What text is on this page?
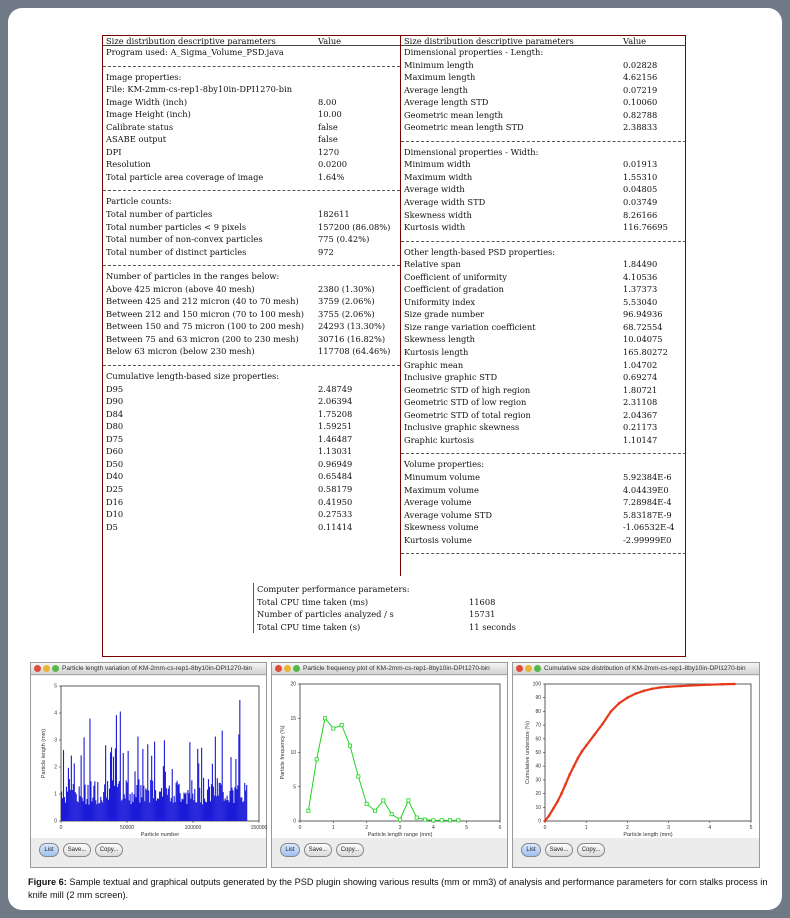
Size distribution descriptive parameters	Value
Program used: A_Sigma_Volume_PSD.java
Image properties:
File: KM-2mm-cs-rep1-8by10in-DPI1270-bin
Image Width (inch)	8.00
Image Height (inch)	10.00
Calibrate status	false
ASABE output	false
DPI	1270
Resolution	0.0200
Total particle area coverage of image	1.64%
Particle counts:
Total number of particles	182611
Total number particles < 9 pixels	157200 (86.08%)
Total number of non-convex particles	775 (0.42%)
Total number of distinct particles	972
Number of particles in the ranges below:
Above 425 micron (above 40 mesh)	2380 (1.30%)
Between 425 and 212 micron (40 to 70 mesh) 3759 (2.06%)
Between 212 and 150 micron (70 to 100 mesh) 3755 (2.06%)
Between 150 and 75 micron (100 to 200 mesh) 24293 (13.30%)
Between 75 and 63 micron (200 to 230 mesh) 30716 (16.82%)
Below 63 micron (below 230 mesh)	117708 (64.46%)
Cumulative length-based size properties:
D95	2.48749
D90	2.06394
D84	1.75208
D80	1.59251
D75	1.46487
D60	1.13031
D50	0.96949
D40	0.65484
D25	0.58179
D16	0.41950
D10	0.27533
D5	0.11414
Size distribution descriptive parameters	Value
Dimensional properties - Length:
Minimum length	0.02828
Maximum length	4.62156
Average length	0.07219
Average length STD	0.10060
Geometric mean length	0.82788
Geometric mean length STD	2.38833
Dimensional properties - Width:
Minimum width	0.01913
Maximum width	1.55310
Average width	0.04805
Average width STD	0.03749
Skewness width	8.26166
Kurtosis width	116.76695
Other length-based PSD properties:
Relative span	1.84490
Coefficient of uniformity	4.10536
Coefficient of gradation	1.37373
Uniformity index	5.53040
Size grade number	96.94936
Size range variation coefficient	68.72554
Skewness length	10.04075
Kurtosis length	165.80272
Graphic mean	1.04702
Inclusive graphic STD	0.69274
Geometric STD of high region	1.80721
Geometric STD of low region	2.31108
Geometric STD of total region	2.04367
Inclusive graphic skewness	0.21173
Graphic kurtosis	1.10147
Volume properties:
Minumum volume	5.92384E-6
Maximum volume	4.04439E0
Average volume	7.28984E-4
Average volume STD	5.83187E-9
Skewness volume	-1.06532E-4
Kurtosis volume	-2.99999E0
Computer performance parameters:
Total CPU time taken (ms)	11608
Number of particles analyzed / s	15731
Total CPU time taken (s)	11 seconds
Particle length variation of KM-2mm-cs-rep1-8by10in-DPI1270-bin
0	50000	100000	150000
0
1
2
3
4
5
Particle number
Particle length (mm)
List	Save...	Copy...
Particle frequency plot of KM-2mm-cs-rep1-8by10in-DPI1270-bin
0	1	2	3	4	5	6
0
5
10
15
20
Particle length range (mm)
Particle frequency (%)
List	Save...	Copy...
Cumulative size distribution of KM-2mm-cs-rep1-8by10in-DPI1270-bin
0	1	2	3	4	5
0
10
20
30
40
50
60
70
80
90
100
Particle length (mm)
Cumulative undersize (%)
List	Save...	Copy...
Figure 6: Sample textual and graphical outputs generated by the PSD plugin showing various results (mm or mm3) of analysis and performance parameters for corn stalks process in knife mill (2 mm screen).
